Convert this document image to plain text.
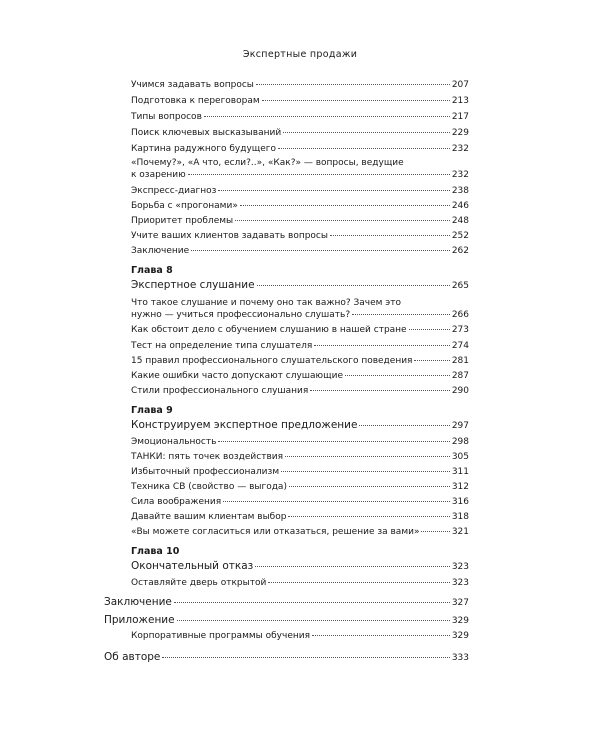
Экспертные продажи
Учимся задавать вопросы	207
Подготовка к переговорам	213
Типы вопросов	217
Поиск ключевых высказываний	229
Картина радужного будущего	232
«Почему?», «А что, если?..», «Как?» — вопросы, ведущие
к озарению	232
Экспресс-диагноз	238
Борьба с «прогонами»	246
Приоритет проблемы	248
Учите ваших клиентов задавать вопросы	252
Заключение	262
Глава 8
Экспертное слушание	265
Что такое слушание и почему оно так важно? Зачем это
нужно — учиться профессионально слушать?	266
Как обстоит дело с обучением слушанию в нашей стране	273
Тест на определение типа слушателя	274
15 правил профессионального слушательского поведения	281
Какие ошибки часто допускают слушающие	287
Стили профессионального слушания	290
Глава 9
Конструируем экспертное предложение	297
Эмоциональность	298
ТАНКИ: пять точек воздействия	305
Избыточный профессионализм	311
Техника СВ (свойство — выгода)	312
Сила воображения	316
Давайте вашим клиентам выбор	318
«Вы можете согласиться или отказаться, решение за вами»	321
Глава 10
Окончательный отказ	323
Оставляйте дверь открытой	323
Заключение	327
Приложение	329
Корпоративные программы обучения	329
Об авторе	333
